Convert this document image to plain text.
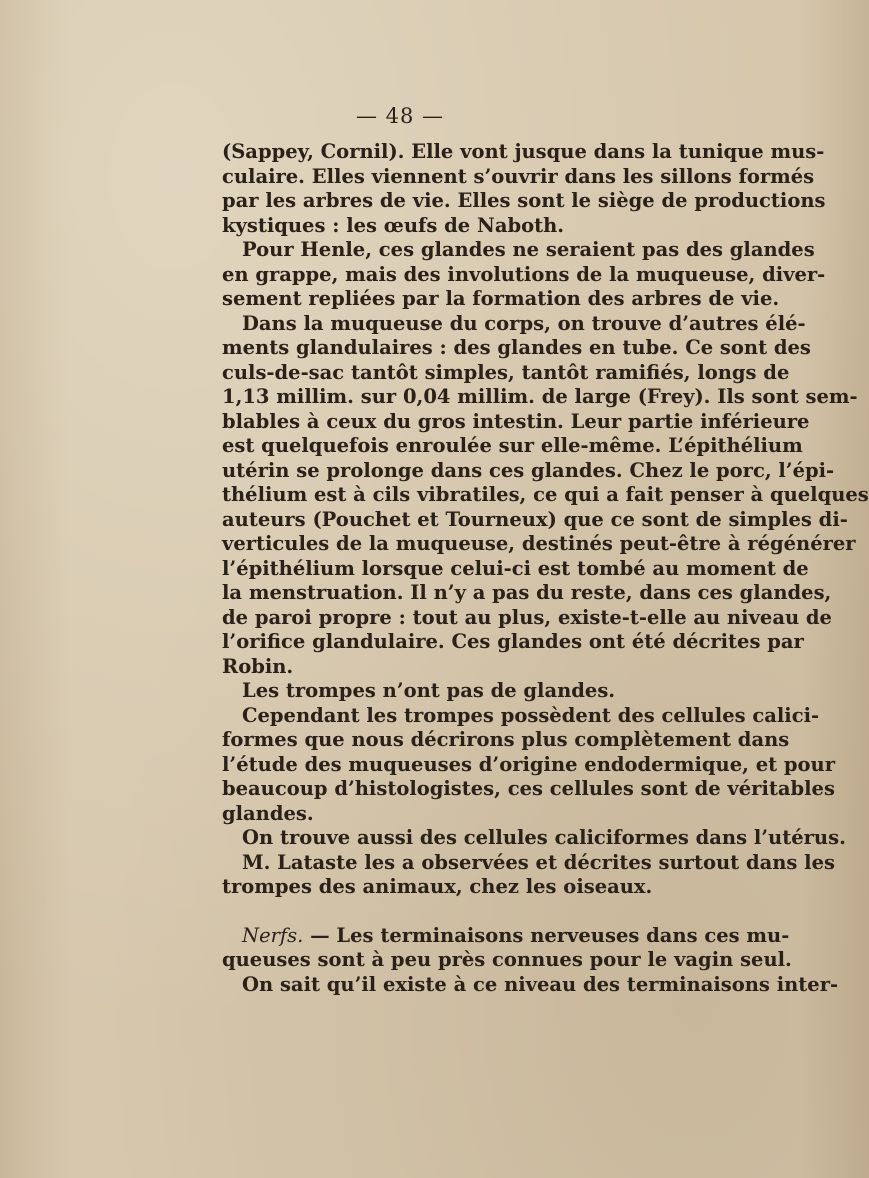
— 48 —
(Sappey, Cornil). Elle vont jusque dans la tunique mus-
culaire. Elles viennent s’ouvrir dans les sillons formés
par les arbres de vie. Elles sont le siège de productions
kystiques : les œufs de Naboth.
Pour Henle, ces glandes ne seraient pas des glandes
en grappe, mais des involutions de la muqueuse, diver-
sement repliées par la formation des arbres de vie.
Dans la muqueuse du corps, on trouve d’autres élé-
ments glandulaires : des glandes en tube. Ce sont des
culs-de-sac tantôt simples, tantôt ramifiés, longs de
1,13 millim. sur 0,04 millim. de large (Frey). Ils sont sem-
blables à ceux du gros intestin. Leur partie inférieure
est quelquefois enroulée sur elle-même. L’épithélium
utérin se prolonge dans ces glandes. Chez le porc, l’épi-
thélium est à cils vibratiles, ce qui a fait penser à quelques
auteurs (Pouchet et Tourneux) que ce sont de simples di-
verticules de la muqueuse, destinés peut-être à régénérer
l’épithélium lorsque celui-ci est tombé au moment de
la menstruation. Il n’y a pas du reste, dans ces glandes,
de paroi propre : tout au plus, existe-t-elle au niveau de
l’orifice glandulaire. Ces glandes ont été décrites par
Robin.
Les trompes n’ont pas de glandes.
Cependant les trompes possèdent des cellules calici-
formes que nous décrirons plus complètement dans
l’étude des muqueuses d’origine endodermique, et pour
beaucoup d’histologistes, ces cellules sont de véritables
glandes.
On trouve aussi des cellules caliciformes dans l’utérus.
M. Lataste les a observées et décrites surtout dans les
trompes des animaux, chez les oiseaux.
Nerfs. — Les terminaisons nerveuses dans ces mu-
queuses sont à peu près connues pour le vagin seul.
On sait qu’il existe à ce niveau des terminaisons inter-
